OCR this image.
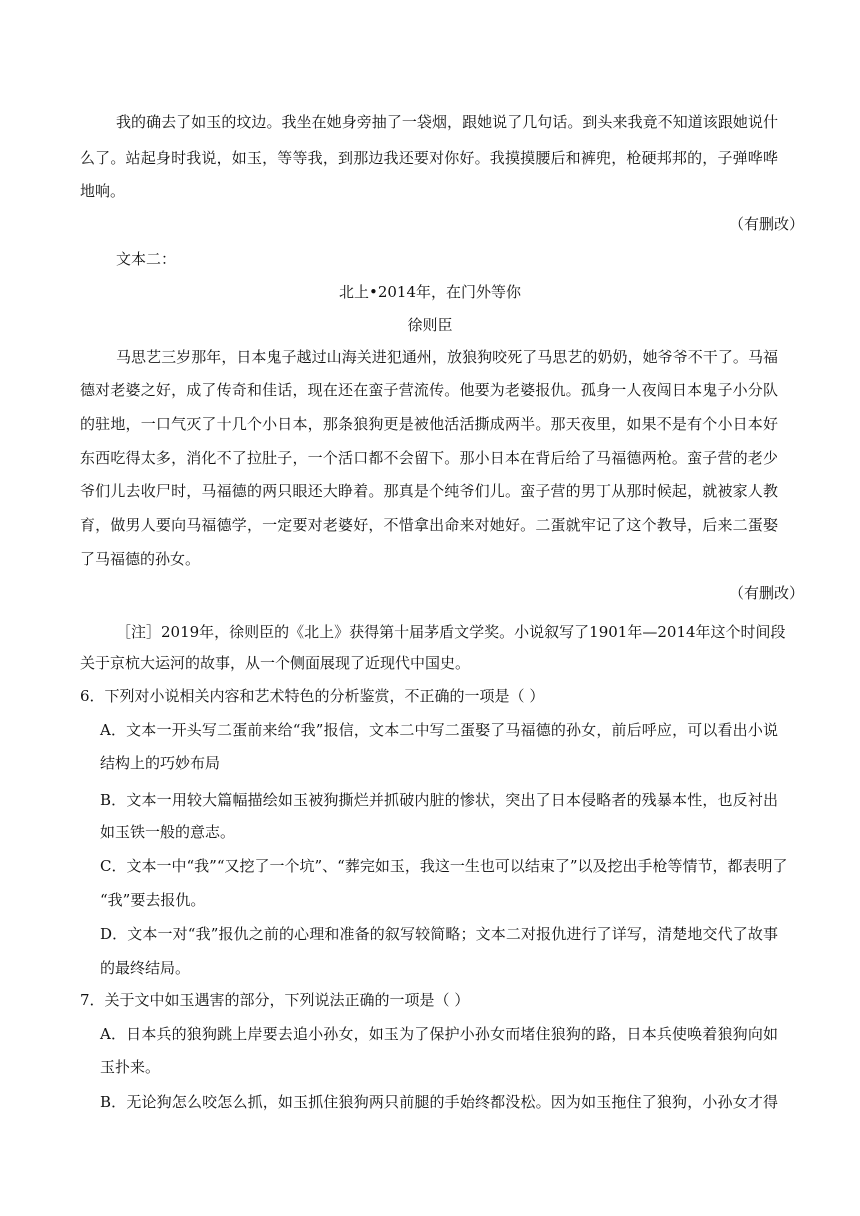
我的确去了如玉的坟边。我坐在她身旁抽了一袋烟，跟她说了几句话。到头来我竟不知道该跟她说什
么了。站起身时我说，如玉，等等我，到那边我还要对你好。我摸摸腰后和裤兜，枪硬邦邦的，子弹哗哗
地响。
（有删改）
文本二：
北上•2014年，在门外等你
徐则臣
马思艺三岁那年，日本鬼子越过山海关进犯通州，放狼狗咬死了马思艺的奶奶，她爷爷不干了。马福
德对老婆之好，成了传奇和佳话，现在还在蛮子营流传。他要为老婆报仇。孤身一人夜闯日本鬼子小分队
的驻地，一口气灭了十几个小日本，那条狼狗更是被他活活撕成两半。那天夜里，如果不是有个小日本好
东西吃得太多，消化不了拉肚子，一个活口都不会留下。那小日本在背后给了马福德两枪。蛮子营的老少
爷们儿去收尸时，马福德的两只眼还大睁着。那真是个纯爷们儿。蛮子营的男丁从那时候起，就被家人教
育，做男人要向马福德学，一定要对老婆好，不惜拿出命来对她好。二蛋就牢记了这个教导，后来二蛋娶
了马福德的孙女。
（有删改）
［注］2019年，徐则臣的《北上》获得第十届茅盾文学奖。小说叙写了1901年—2014年这个时间段
关于京杭大运河的故事，从一个侧面展现了近现代中国史。
6．下列对小说相关内容和艺术特色的分析鉴赏，不正确的一项是（ ）
A．文本一开头写二蛋前来给“我”报信，文本二中写二蛋娶了马福德的孙女，前后呼应，可以看出小说
结构上的巧妙布局
B．文本一用较大篇幅描绘如玉被狗撕烂并抓破内脏的惨状，突出了日本侵略者的残暴本性，也反衬出
如玉铁一般的意志。
C．文本一中“我”“又挖了一个坑”、“葬完如玉，我这一生也可以结束了”以及挖出手枪等情节，都表明了
“我”要去报仇。
D．文本一对“我”报仇之前的心理和准备的叙写较简略；文本二对报仇进行了详写，清楚地交代了故事
的最终结局。
7．关于文中如玉遇害的部分，下列说法正确的一项是（ ）
A．日本兵的狼狗跳上岸要去追小孙女，如玉为了保护小孙女而堵住狼狗的路，日本兵使唤着狼狗向如
玉扑来。
B．无论狗怎么咬怎么抓，如玉抓住狼狗两只前腿的手始终都没松。因为如玉拖住了狼狗，小孙女才得
